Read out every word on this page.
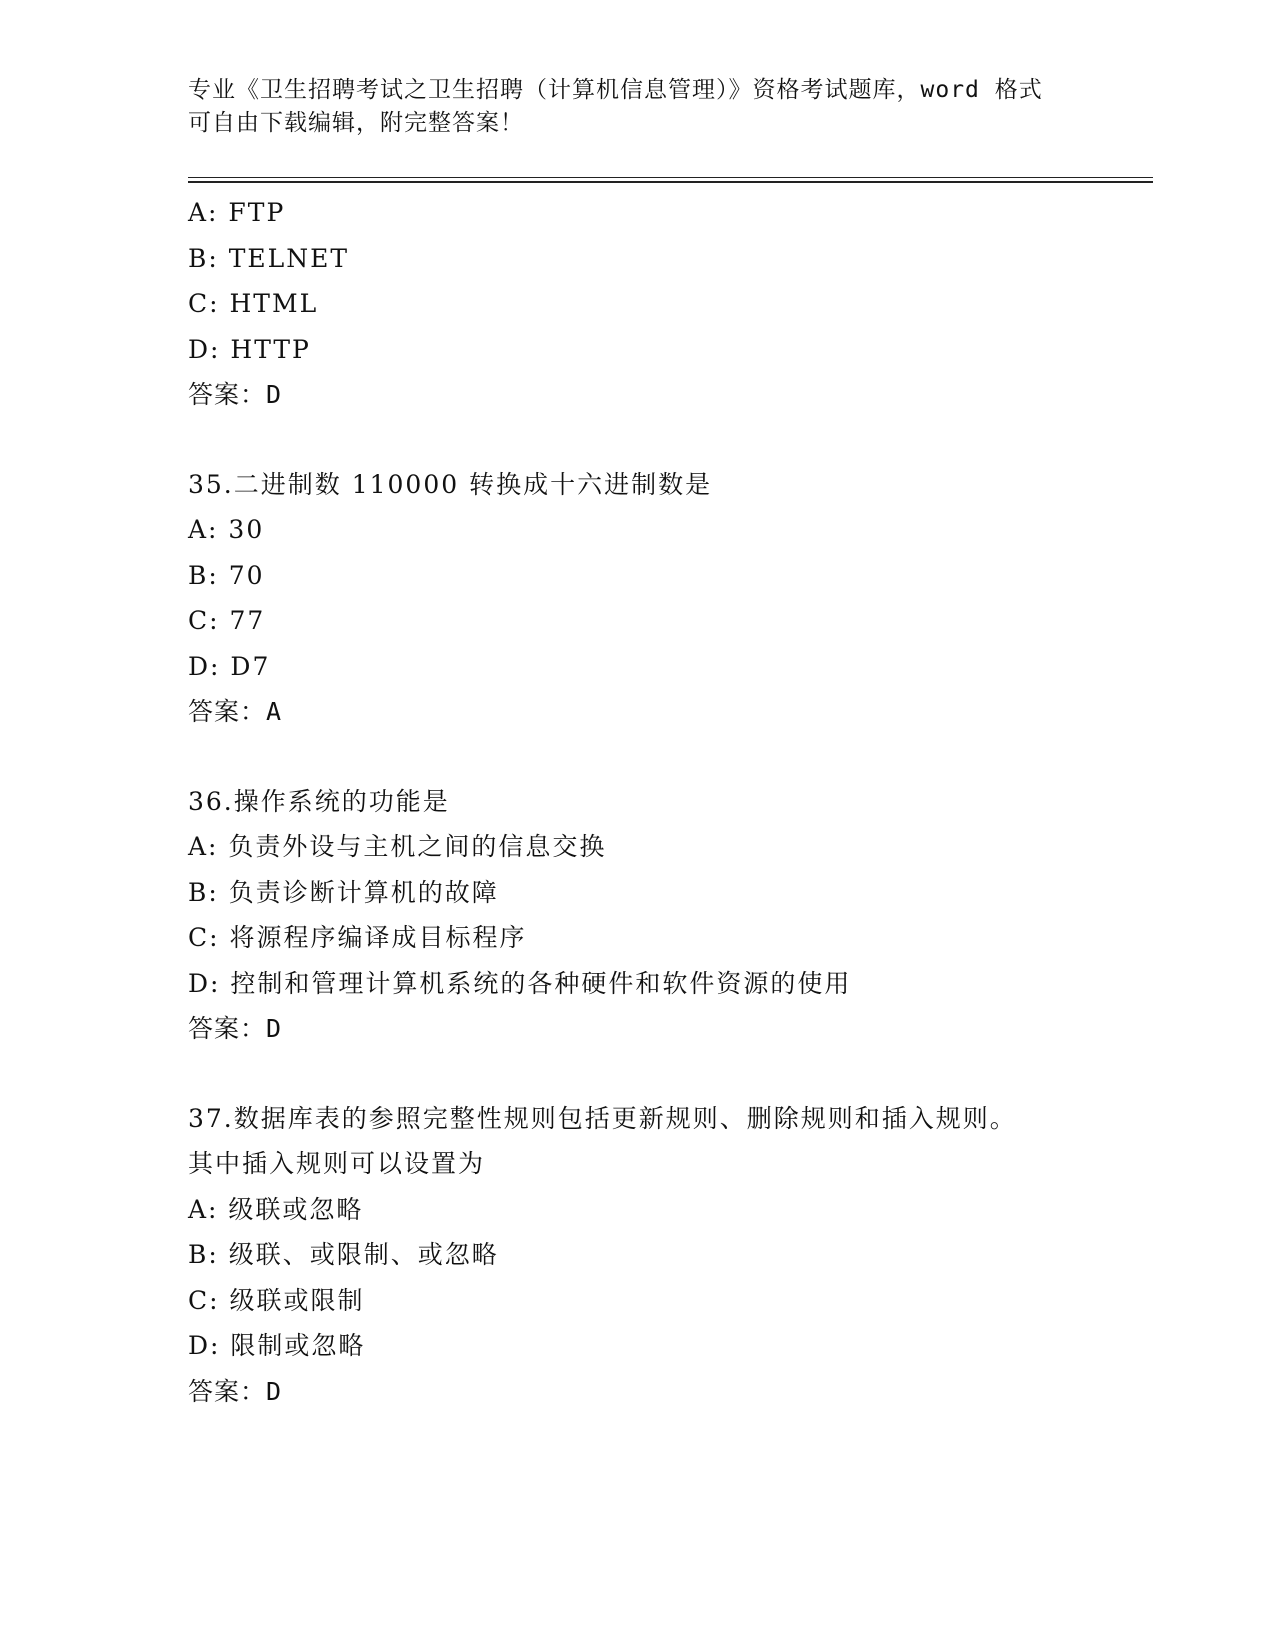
专业《卫生招聘考试之卫生招聘（计算机信息管理）》资格考试题库，word 格式
可自由下载编辑，附完整答案！
A: FTP
B: TELNET
C: HTML
D: HTTP
答案：D
35.二进制数 110000 转换成十六进制数是
A: 30
B: 70
C: 77
D: D7
答案：A
36.操作系统的功能是
A: 负责外设与主机之间的信息交换
B: 负责诊断计算机的故障
C: 将源程序编译成目标程序
D: 控制和管理计算机系统的各种硬件和软件资源的使用
答案：D
37.数据库表的参照完整性规则包括更新规则、删除规则和插入规则。
其中插入规则可以设置为
A: 级联或忽略
B: 级联、或限制、或忽略
C: 级联或限制
D: 限制或忽略
答案：D
